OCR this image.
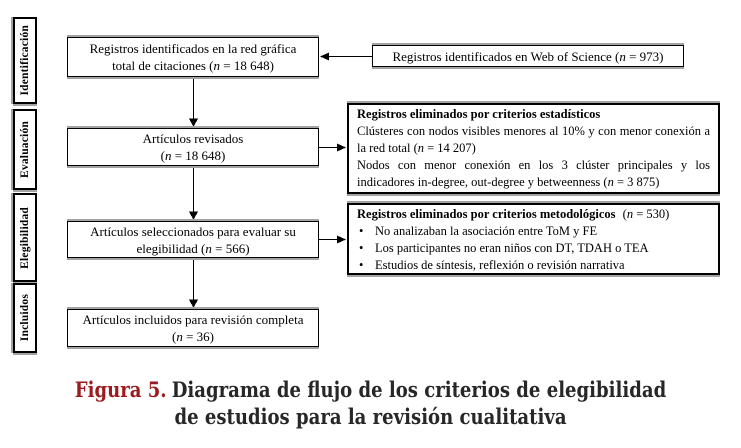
Identificación
Evaluación
Elegibilidad
Incluidos
Registros identificados en la red gráfica
total de citaciones (n = 18 648)
Registros identificados en Web of Science (n = 973)
Artículos revisados
(n = 18 648)
Registros eliminados por criterios estadísticos
Clústeres con nodos visibles menores al 10% y con menor conexión a la red total (n = 14 207)
Nodos con menor conexión en los 3 clúster principales y los indicadores in-degree, out-degree y betweenness (n = 3 875)
Artículos seleccionados para evaluar su
elegibilidad (n = 566)
Registros eliminados por criterios metodológicos (n = 530)
• No analizaban la asociación entre ToM y FE
• Los participantes no eran niños con DT, TDAH o TEA
• Estudios de síntesis, reflexión o revisión narrativa
Artículos incluidos para revisión completa
(n = 36)
Figura 5. Diagrama de flujo de los criterios de elegibilidad
de estudios para la revisión cualitativa
